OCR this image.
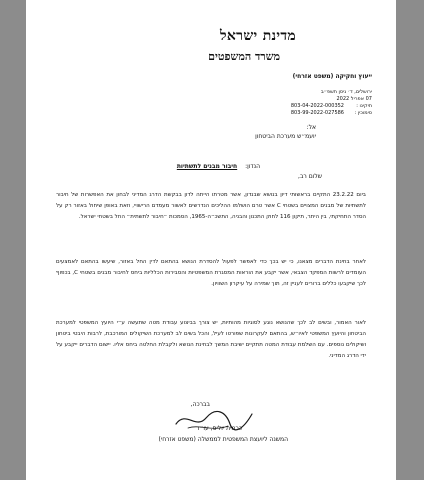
מדינת ישראל
משרד המשפטים
ייעוץ וחקיקה (משפט אזרחי)
ירושלים, ד׳ ניסן תשפ״ב
07 אפריל 2022
תיקינו :
803-04-2022-000352
סימוכין :
803-99-2022-027586
אל:
יועמ״ש מערכת הביטחון
הנדון: חיבור מבנים לתשתיות
שלום רב,
ביום 23.2.22 התקיים בראשותי דיון בנושא שבנדון, אשר מטרתו הייתה לדון בבקשת הדרג המדיני לבחון את האפשרות של חיבור לתשתיות של מבנים המצויים בשטחי C אשר טרם הושלמו ההליכים הנדרשים לאשור מעמדם הרישויי, וזאת באופן שיחול באזור רק על הסדר התחיקתי, בין היתר, תיקון 116 לחוק התכנון והבניה, התשכ״ה-1965, הסמכות ״חיבור לתשתית״ החל בשטחי ישראל.
לאחר בחינת הדברים מצאנו, כי יש בכך כדי לאפשר לפעול להסדרת הנושא בהתאם לדין החל באזור, שיעשו בהתאם לאמצעים העומדים לרשות המפקד הצבאי, אשר יקבע את הוראות המסגרת המשפטיות והסבירות הכלליות ביחס לחיבור מבנים בשטחי C, בכפוף לכך שיקבעו כללים ברורים לעניין זה, תוך שמירה על עיקרון השוויון.
לאור האמור, ובשים לב לכך שהנושא נוגע לסוגיות מהותיות, יש צורך בביצוע עבודת מטה שתעשה ע״י היועץ המשפטי למערכת הביטחון והיועץ המשפטי לאיו״ש, בהתאם לעקרונות שפורטו לעיל, והכל בשים לב למערכת השיקולים המורכבת, לרבות היבטי ביטחון ושיקולים נוספים. עם השלמת עבודת המטה תתקיים ישיבת המשך לבחינת הנושא ולקבלת החלטה ביחס אליו. יישום הדברים ייקבע על ידי הדרג המדיני.
בברכה,
כרמית יוליס, עו״ד
המשנה ליועצת המשפטית לממשלה (משפט אזרחי)
